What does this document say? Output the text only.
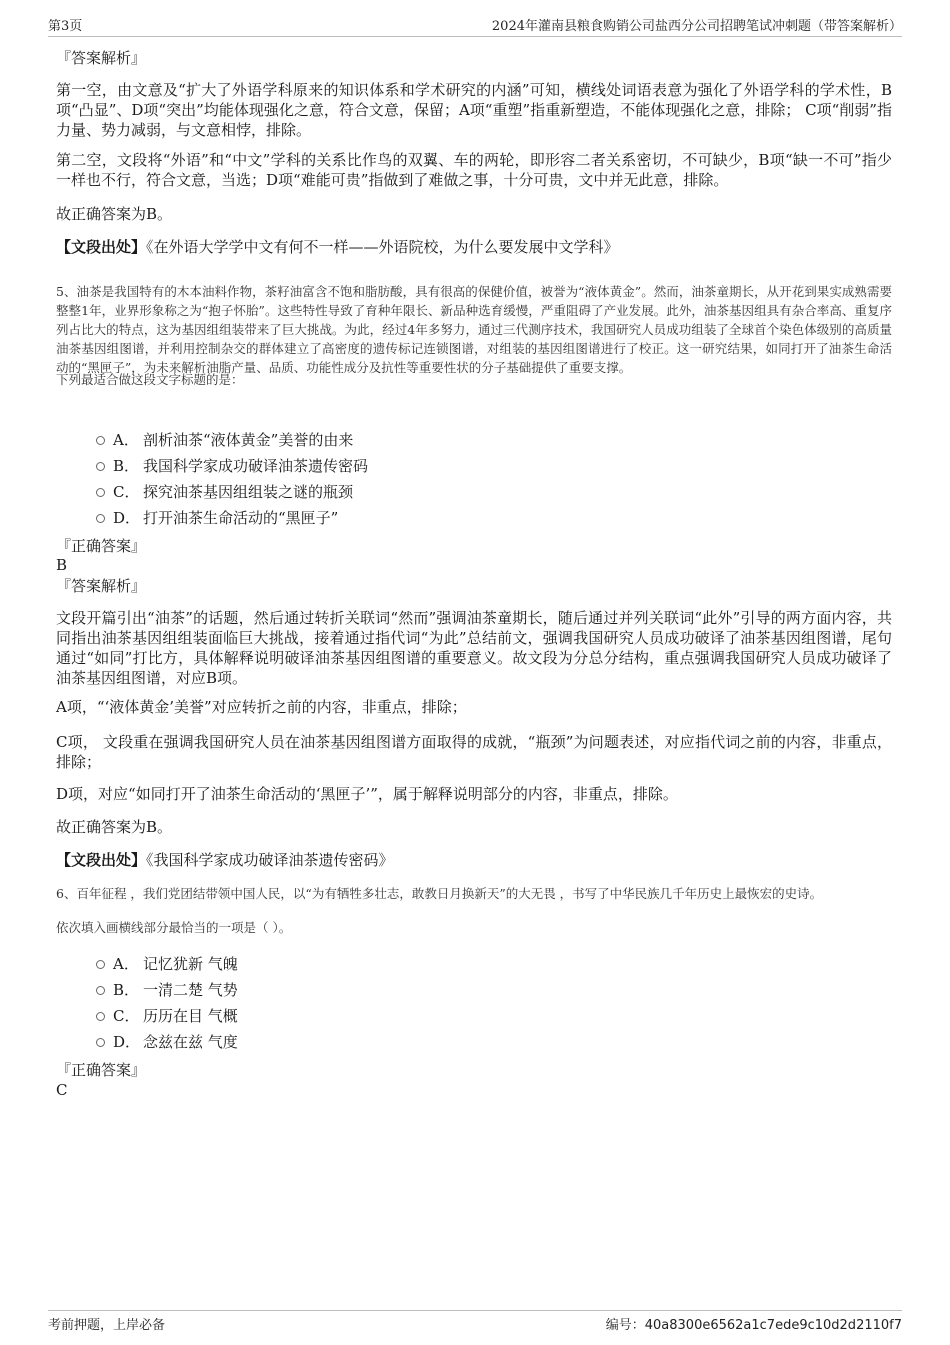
第3页	2024年灌南县粮食购销公司盐西分公司招聘笔试冲刺题（带答案解析）
『答案解析』

第一空，由文意及“扩大了外语学科原来的知识体系和学术研究的内涵”可知，横线处词语表意为强化了外语学科的学术性，B项“凸显”、D项“突出”均能体现强化之意，符合文意，保留；A项“重塑”指重新塑造，不能体现强化之意，排除； C项“削弱”指力量、势力减弱，与文意相悖，排除。

第二空，文段将“外语”和“中文”学科的关系比作鸟的双翼、车的两轮，即形容二者关系密切，不可缺少，B项“缺一不可”指少一样也不行，符合文意，当选；D项“难能可贵”指做到了难做之事，十分可贵，文中并无此意，排除。

故正确答案为B。
【文段出处】《在外语大学学中文有何不一样——外语院校，为什么要发展中文学科》

5、油茶是我国特有的木本油料作物，茶籽油富含不饱和脂肪酸，具有很高的保健价值，被誉为“液体黄金”。然而，油茶童期长，从开花到果实成熟需要整整1年，业界形象称之为“抱子怀胎”。这些特性导致了育种年限长、新品种选育缓慢，严重阻碍了产业发展。此外，油茶基因组具有杂合率高、重复序列占比大的特点，这为基因组组装带来了巨大挑战。为此，经过4年多努力，通过三代测序技术，我国研究人员成功组装了全球首个染色体级别的高质量油茶基因组图谱，并利用控制杂交的群体建立了高密度的遗传标记连锁图谱，对组装的基因组图谱进行了校正。这一研究结果，如同打开了油茶生命活动的“黑匣子”，为未来解析油脂产量、品质、功能性成分及抗性等重要性状的分子基础提供了重要支撑。

下列最适合做这段文字标题的是：
A． 剖析油茶“液体黄金”美誉的由来
B． 我国科学家成功破译油茶遗传密码
C． 探究油茶基因组组装之谜的瓶颈
D． 打开油茶生命活动的“黑匣子”
『正确答案』
B
『答案解析』

文段开篇引出“油茶”的话题，然后通过转折关联词“然而”强调油茶童期长，随后通过并列关联词“此外”引导的两方面内容，共同指出油茶基因组组装面临巨大挑战，接着通过指代词“为此”总结前文，强调我国研究人员成功破译了油茶基因组图谱，尾句通过“如同”打比方，具体解释说明破译油茶基因组图谱的重要意义。故文段为分总分结构，重点强调我国研究人员成功破译了油茶基因组图谱，对应B项。

A项，“‘液体黄金’美誉”对应转折之前的内容，非重点，排除；

C项， 文段重在强调我国研究人员在油茶基因组图谱方面取得的成就，“瓶颈”为问题表述，对应指代词之前的内容，非重点，排除；

D项，对应“如同打开了油茶生命活动的‘黑匣子’”，属于解释说明部分的内容，非重点，排除。
故正确答案为B。
【文段出处】《我国科学家成功破译油茶遗传密码》
6、百年征程 ，我们党团结带领中国人民，以“为有牺牲多壮志，敢教日月换新天”的大无畏 ，书写了中华民族几千年历史上最恢宏的史诗。
依次填入画横线部分最恰当的一项是（ ）。
A． 记忆犹新 气魄
B． 一清二楚 气势
C． 历历在目 气概
D． 念兹在兹 气度
『正确答案』
C
考前押题，上岸必备	编号：40a8300e6562a1c7ede9c10d2d2110f7
